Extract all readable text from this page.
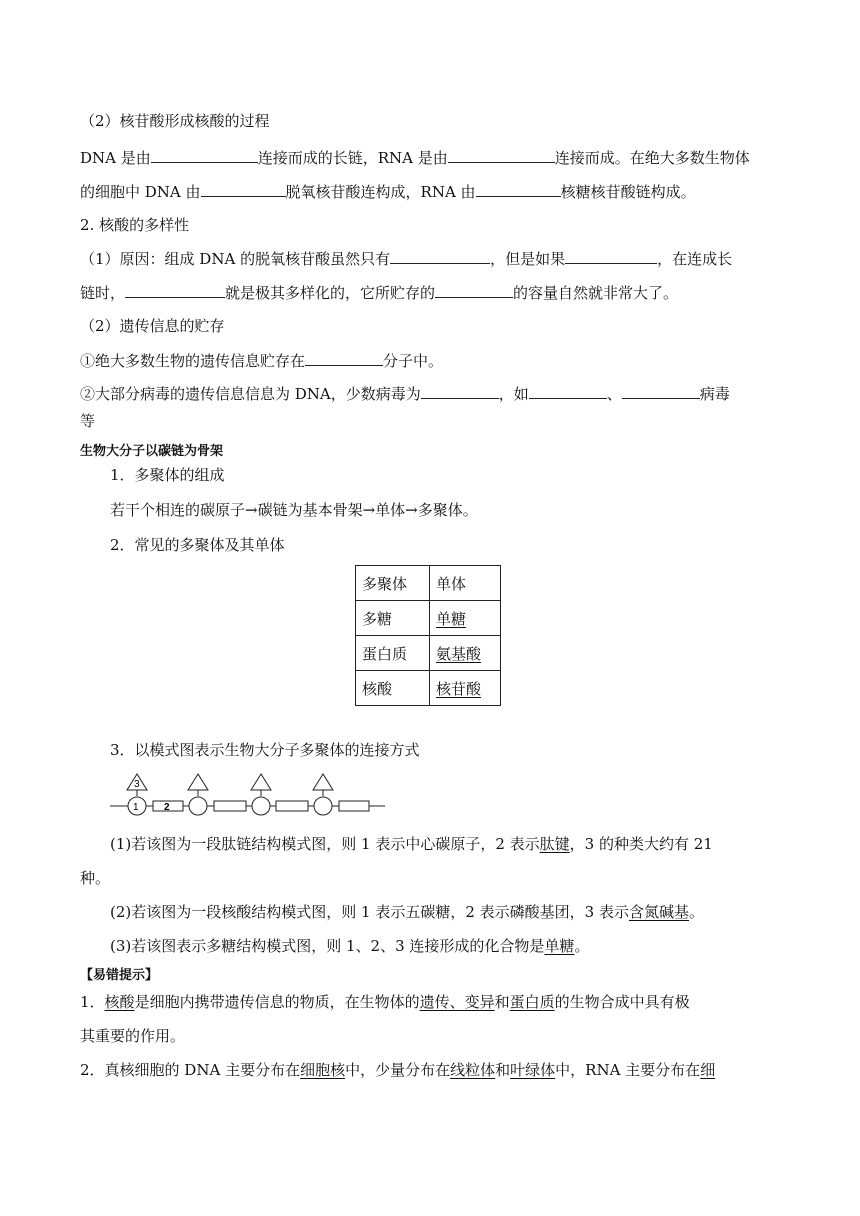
（2）核苷酸形成核酸的过程
DNA 是由	连接而成的长链，RNA 是由	连接而成。在绝大多数生物体
的细胞中 DNA 由	脱氧核苷酸连构成，RNA 由	核糖核苷酸链构成。
2. 核酸的多样性
（1）原因：组成 DNA 的脱氧核苷酸虽然只有	，但是如果	，在连成长
链时，	就是极其多样化的，它所贮存的	的容量自然就非常大了。
（2）遗传信息的贮存
①绝大多数生物的遗传信息贮存在	分子中。
②大部分病毒的遗传信息信息为 DNA，少数病毒为	，如	、	病毒
等
生物大分子以碳链为骨架
1．多聚体的组成
若干个相连的碳原子→碳链为基本骨架→单体→多聚体。
2．常见的多聚体及其单体
多聚体	单体
多糖	单糖
蛋白质	氨基酸
核酸	核苷酸
3．以模式图表示生物大分子多聚体的连接方式
3
1	2
(1)若该图为一段肽链结构模式图，则 1 表示中心碳原子，2 表示肽键，3 的种类大约有 21
种。
(2)若该图为一段核酸结构模式图，则 1 表示五碳糖，2 表示磷酸基团，3 表示含氮碱基。
(3)若该图表示多糖结构模式图，则 1、2、3 连接形成的化合物是单糖。
【易错提示】
1．核酸是细胞内携带遗传信息的物质，在生物体的遗传、变异和蛋白质的生物合成中具有极
其重要的作用。
2．真核细胞的 DNA 主要分布在细胞核中，少量分布在线粒体和叶绿体中，RNA 主要分布在细
